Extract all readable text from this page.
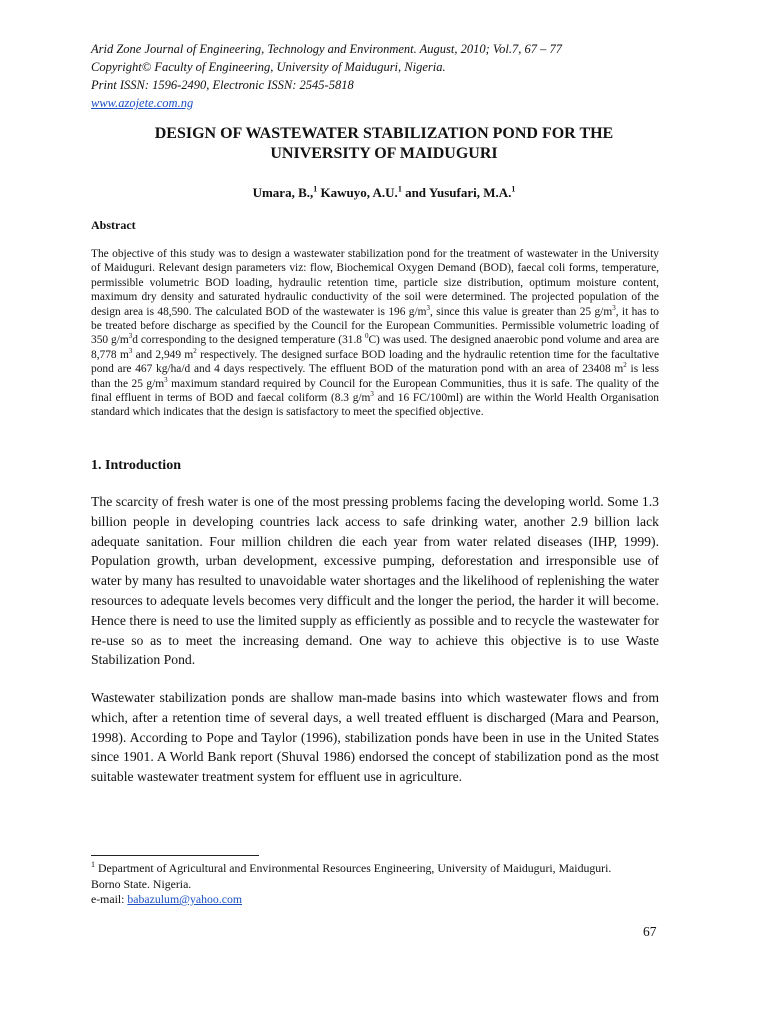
Arid Zone Journal of Engineering, Technology and Environment. August, 2010; Vol.7, 67 – 77
Copyright© Faculty of Engineering, University of Maiduguri, Nigeria.
Print ISSN: 1596-2490, Electronic ISSN: 2545-5818
www.azojete.com.ng
DESIGN OF WASTEWATER STABILIZATION POND FOR THE
UNIVERSITY OF MAIDUGURI
Umara, B.,$^1$ Kawuyo, A.U.$^1$ and Yusufari, M.A.$^1$
Abstract
The objective of this study was to design a wastewater stabilization pond for the treatment of wastewater in the University of Maiduguri. Relevant design parameters viz: flow, Biochemical Oxygen Demand (BOD), faecal coli forms, temperature, permissible volumetric BOD loading, hydraulic retention time, particle size distribution, optimum moisture content, maximum dry density and saturated hydraulic conductivity of the soil were determined. The projected population of the design area is 48,590. The calculated BOD of the wastewater is 196 $g/m^3$, since this value is greater than 25 $g/m^3$, it has to be treated before discharge as specified by the Council for the European Communities. Permissible volumetric loading of 350 $g/m^3d$ corresponding to the designed temperature (31.8 $^0$C) was used. The designed anaerobic pond volume and area are 8,778 $m^3$ and 2,949 $m^2$ respectively. The designed surface BOD loading and the hydraulic retention time for the facultative pond are 467 kg/ha/d and 4 days respectively. The effluent BOD of the maturation pond with an area of 23408 $m^2$ is less than the 25 $g/m^3$ maximum standard required by Council for the European Communities, thus it is safe. The quality of the final effluent in terms of BOD and faecal coliform (8.3 $g/m^3$ and 16 FC/100ml) are within the World Health Organisation standard which indicates that the design is satisfactory to meet the specified objective.
1. Introduction
The scarcity of fresh water is one of the most pressing problems facing the developing world. Some 1.3 billion people in developing countries lack access to safe drinking water, another 2.9 billion lack adequate sanitation. Four million children die each year from water related diseases (IHP, 1999). Population growth, urban development, excessive pumping, deforestation and irresponsible use of water by many has resulted to unavoidable water shortages and the likelihood of replenishing the water resources to adequate levels becomes very difficult and the longer the period, the harder it will become. Hence there is need to use the limited supply as efficiently as possible and to recycle the wastewater for re-use so as to meet the increasing demand. One way to achieve this objective is to use Waste Stabilization Pond.
Wastewater stabilization ponds are shallow man-made basins into which wastewater flows and from which, after a retention time of several days, a well treated effluent is discharged (Mara and Pearson, 1998). According to Pope and Taylor (1996), stabilization ponds have been in use in the United States since 1901. A World Bank report (Shuval 1986) endorsed the concept of stabilization pond as the most suitable wastewater treatment system for effluent use in agriculture.
$^1$ Department of Agricultural and Environmental Resources Engineering, University of Maiduguri, Maiduguri.
Borno State. Nigeria.
e-mail: babazulum@yahoo.com
67
